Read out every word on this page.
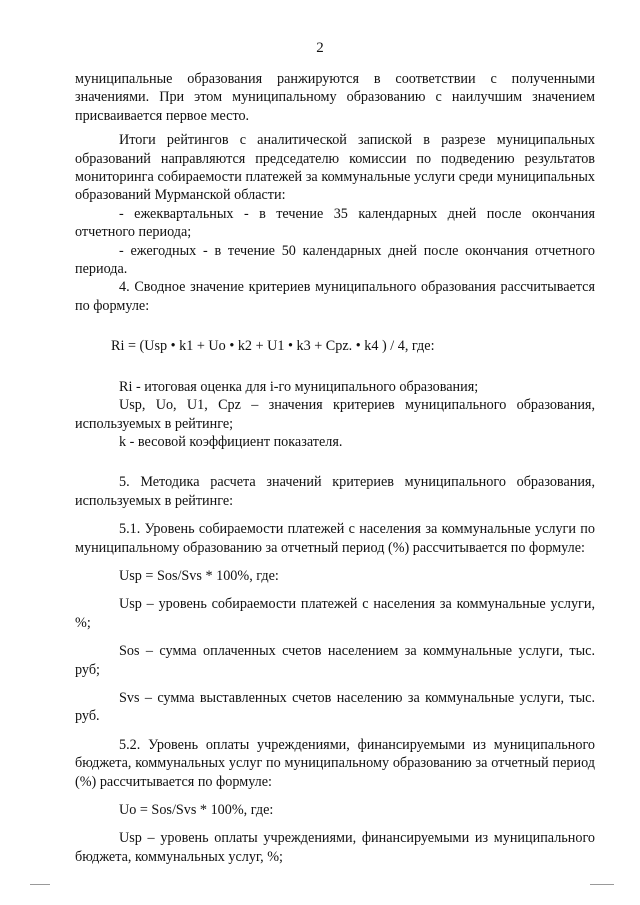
2

муниципальные образования ранжируются в соответствии с полученными значениями. При этом муниципальному образованию с наилучшим значением присваивается первое место.

Итоги рейтингов с аналитической запиской в разрезе муниципальных образований направляются председателю комиссии по подведению результатов мониторинга собираемости платежей за коммунальные услуги среди муниципальных образований Мурманской области:

- ежеквартальных - в течение 35 календарных дней после окончания отчетного периода;

- ежегодных - в течение 50 календарных дней после окончания отчетного периода.

4. Сводное значение критериев муниципального образования рассчитывается по формуле:

Ri = (Usp • k1 + Uo • k2 + U1 • k3 + Cpz. • k4 ) / 4, где:

Ri - итоговая оценка для i-го муниципального образования;

Usp, Uo, U1, Cpz – значения критериев муниципального образования, используемых в рейтинге;

k - весовой коэффициент показателя.

5. Методика расчета значений критериев муниципального образования, используемых в рейтинге:

5.1. Уровень собираемости платежей с населения за коммунальные услуги по муниципальному образованию за отчетный период (%) рассчитывается по формуле:

Usp = Sos/Svs * 100%, где:

Usp – уровень собираемости платежей с населения за коммунальные услуги, %;

Sos – сумма оплаченных счетов населением за коммунальные услуги, тыс. руб;

Svs – сумма выставленных счетов населению за коммунальные услуги, тыс. руб.

5.2. Уровень оплаты учреждениями, финансируемыми из муниципального бюджета, коммунальных услуг по муниципальному образованию за отчетный период (%) рассчитывается по формуле:

Uo = Sos/Svs * 100%, где:

Usp – уровень оплаты учреждениями, финансируемыми из муниципального бюджета, коммунальных услуг, %;
